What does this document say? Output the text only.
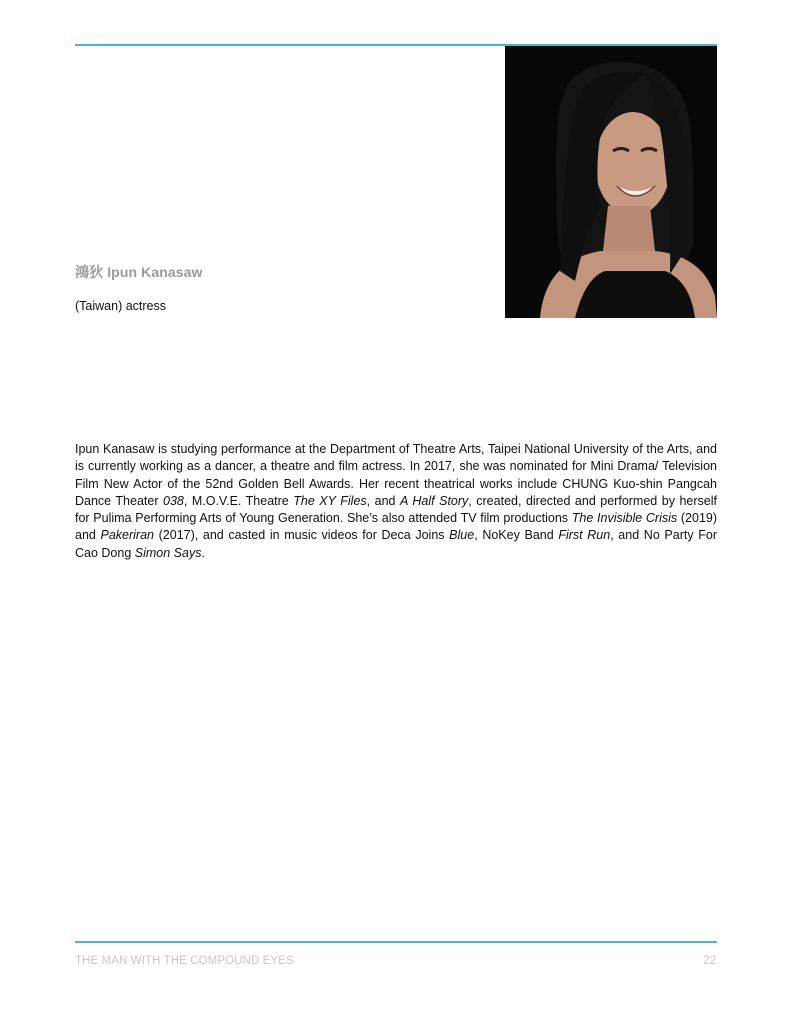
鴻狄 Ipun Kanasaw
(Taiwan) actress
Ipun Kanasaw is studying performance at the Department of Theatre Arts, Taipei National University of the Arts, and is currently working as a dancer, a theatre and film actress. In 2017, she was nominated for Mini Drama/ Television Film New Actor of the 52nd Golden Bell Awards. Her recent theatrical works include CHUNG Kuo-shin Pangcah Dance Theater 038, M.O.V.E. Theatre The XY Files, and A Half Story, created, directed and performed by herself for Pulima Performing Arts of Young Generation. She’s also attended TV film productions The Invisible Crisis (2019) and Pakeriran (2017), and casted in music videos for Deca Joins Blue, NoKey Band First Run, and No Party For Cao Dong Simon Says.
THE MAN WITH THE COMPOUND EYES	22
